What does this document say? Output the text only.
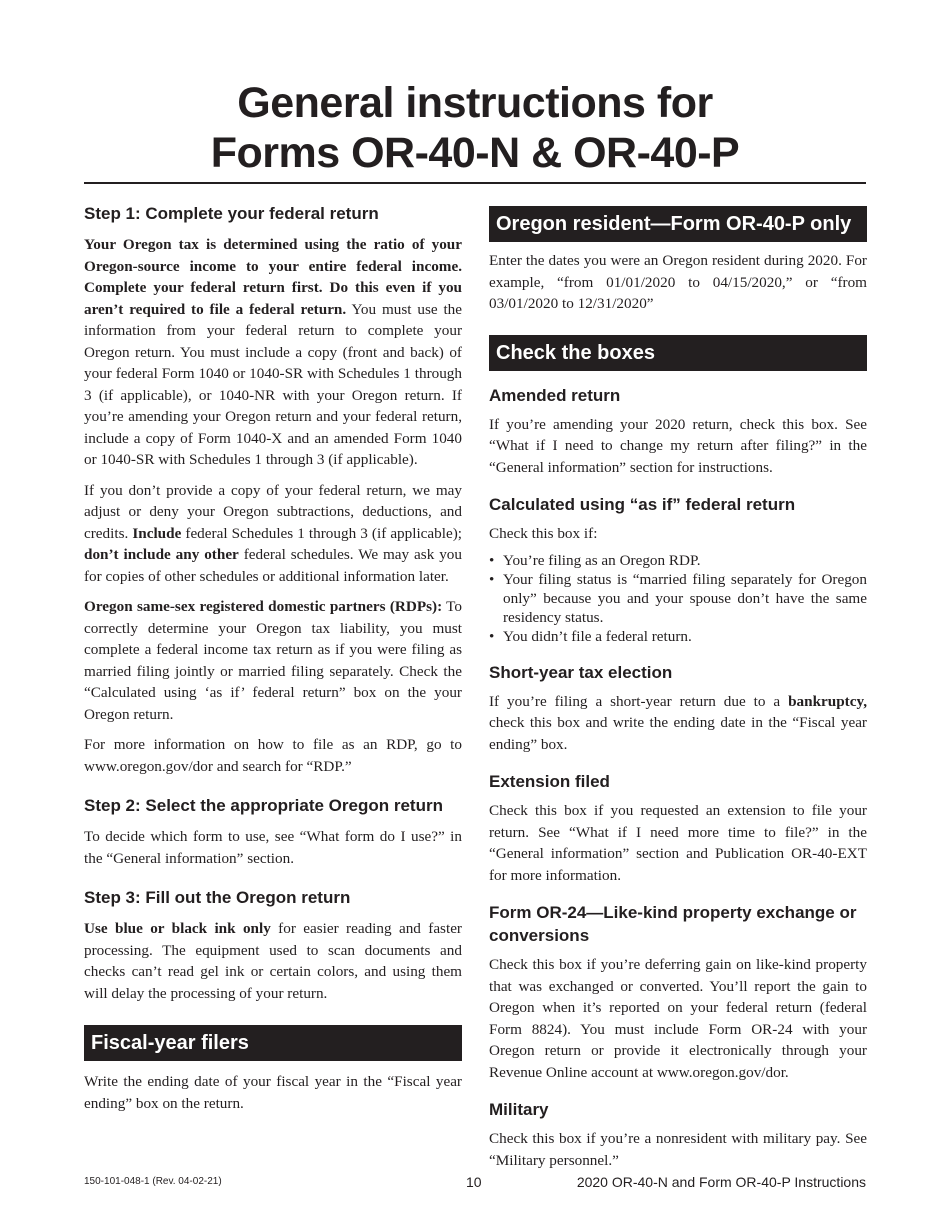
General instructions for
Forms OR-40-N & OR-40-P
Step 1: Complete your federal return

Your Oregon tax is determined using the ratio of your Oregon-source income to your entire federal income. Complete your federal return first. Do this even if you aren’t required to file a federal return. You must use the information from your federal return to complete your Oregon return. You must include a copy (front and back) of your federal Form 1040 or 1040-SR with Schedules 1 through 3 (if applicable), or 1040-NR with your Oregon return. If you’re amending your Oregon return and your federal return, include a copy of Form 1040-X and an amended Form 1040 or 1040-SR with Schedules 1 through 3 (if applicable).

If you don’t provide a copy of your federal return, we may adjust or deny your Oregon subtractions, deductions, and credits. Include federal Schedules 1 through 3 (if applicable); don’t include any other federal schedules. We may ask you for copies of other schedules or additional information later.

Oregon same-sex registered domestic partners (RDPs): To correctly determine your Oregon tax liability, you must complete a federal income tax return as if you were filing as married filing jointly or married filing separately. Check the “Calculated using ‘as if’ federal return” box on the your Oregon return.

For more information on how to file as an RDP, go to www.oregon.gov/dor and search for “RDP.”

Step 2: Select the appropriate Oregon return

To decide which form to use, see “What form do I use?” in the “General information” section.

Step 3: Fill out the Oregon return

Use blue or black ink only for easier reading and faster processing. The equipment used to scan documents and checks can’t read gel ink or certain colors, and using them will delay the processing of your return.

Fiscal-year filers

Write the ending date of your fiscal year in the “Fiscal year ending” box on the return.

Oregon resident—Form OR-40-P only

Enter the dates you were an Oregon resident during 2020. For example, “from 01/01/2020 to 04/15/2020,” or “from 03/01/2020 to 12/31/2020”

Check the boxes
Amended return

If you’re amending your 2020 return, check this box. See “What if I need to change my return after filing?” in the “General information” section for instructions.

Calculated using “as if” federal return

Check this box if:

• You’re filing as an Oregon RDP.
• Your filing status is “married filing separately for Oregon only” because you and your spouse don’t have the same residency status.
• You didn’t file a federal return.
Short-year tax election

If you’re filing a short-year return due to a bankruptcy, check this box and write the ending date in the “Fiscal year ending” box.

Extension filed

Check this box if you requested an extension to file your return. See “What if I need more time to file?” in the “General information” section and Publication OR-40-EXT for more information.

Form OR-24—Like-kind property exchange or conversions

Check this box if you’re deferring gain on like-kind property that was exchanged or converted. You’ll report the gain to Oregon when it’s reported on your federal return (federal Form 8824). You must include Form OR-24 with your Oregon return or provide it electronically through your Revenue Online account at www.oregon.gov/dor.

Military

Check this box if you’re a nonresident with military pay. See “Military personnel.”

150-101-048-1 (Rev. 04-02-21)	10	2020 OR-40-N and Form OR-40-P Instructions
